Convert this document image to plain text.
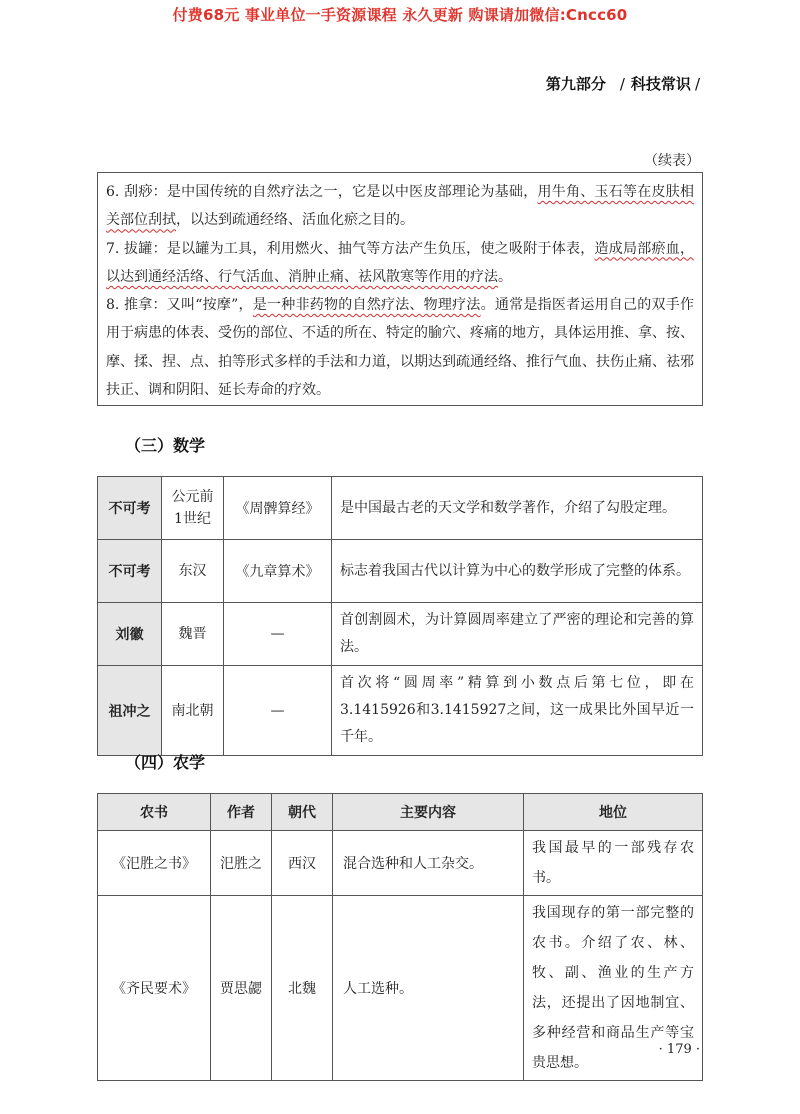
付费68元 事业单位一手资源课程 永久更新 购课请加微信:Cncc60
第九部分 / 科技常识 /
（续表）

6. 刮痧：是中国传统的自然疗法之一，它是以中医皮部理论为基础，用牛角、玉石等在皮肤相关部位刮拭，以达到疏通经络、活血化瘀之目的。

7. 拔罐：是以罐为工具，利用燃火、抽气等方法产生负压，使之吸附于体表，造成局部瘀血，以达到通经活络、行气活血、消肿止痛、祛风散寒等作用的疗法。

8. 推拿：又叫“按摩”，是一种非药物的自然疗法、物理疗法。通常是指医者运用自己的双手作用于病患的体表、受伤的部位、不适的所在、特定的腧穴、疼痛的地方，具体运用推、拿、按、摩、揉、捏、点、拍等形式多样的手法和力道，以期达到疏通经络、推行气血、扶伤止痛、祛邪扶正、调和阴阳、延长寿命的疗效。

（三）数学
不可考	公元前1世纪	《周髀算经》	是中国最古老的天文学和数学著作，介绍了勾股定理。
不可考	东汉	《九章算术》	标志着我国古代以计算为中心的数学形成了完整的体系。
刘徽	魏晋	—	首创割圆术，为计算圆周率建立了严密的理论和完善的算法。
祖冲之	南北朝	—	首次将“圆周率”精算到小数点后第七位，即在3.1415926和3.1415927之间，这一成果比外国早近一千年。
（四）农学
农书	作者	朝代	主要内容	地位
《汜胜之书》	汜胜之	西汉	混合选种和人工杂交。	我国最早的一部残存农书。
《齐民要术》	贾思勰	北魏	人工选种。	我国现存的第一部完整的农书。介绍了农、林、牧、副、渔业的生产方法，还提出了因地制宜、多种经营和商品生产等宝贵思想。
· 179 ·
